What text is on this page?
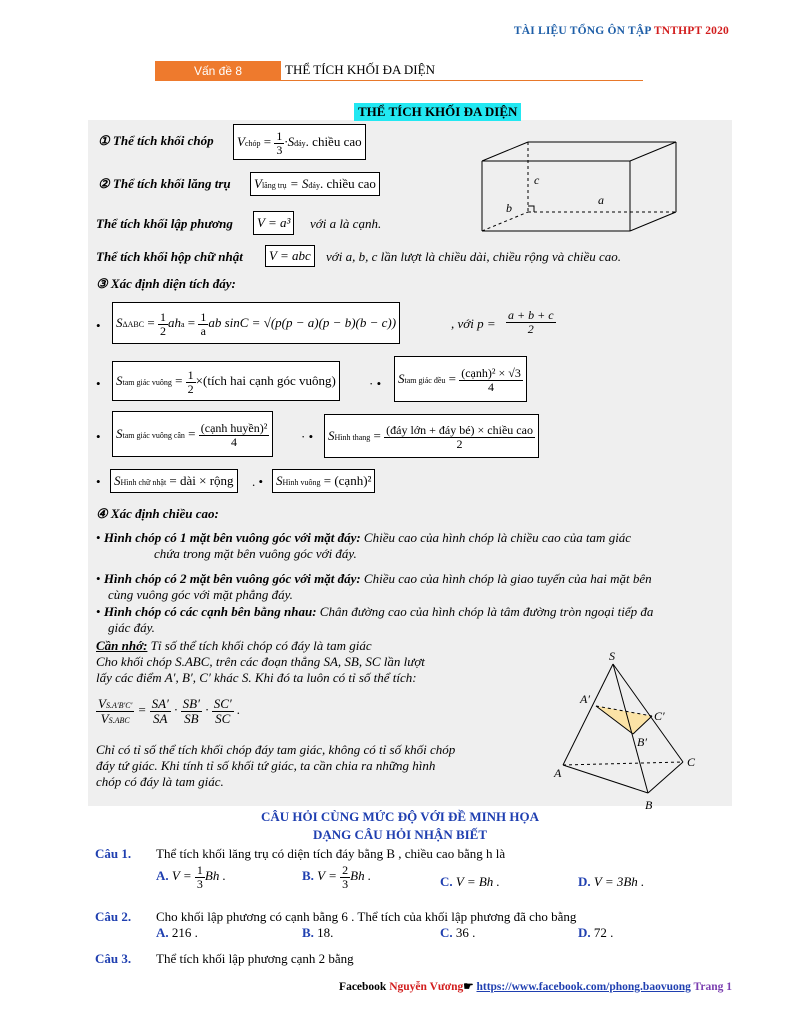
TÀI LIỆU TỔNG ÔN TẬP TNTHPT 2020
Vấn đề 8	THỂ TÍCH KHỐI ĐA DIỆN
THỂ TÍCH KHỐI ĐA DIỆN
① Thể tích khối chóp	Vchóp = $\frac{1}{3}$ ·Sđáy. chiều cao
② Thể tích khối lăng trụ	Vlăng trụ = Sđáy. chiều cao
Thể tích khối lập phương	V = a³	với a là cạnh.
Thể tích khối hộp chữ nhật	V = abc	với a, b, c lần lượt là chiều dài, chiều rộng và chiều cao.
c
a
b
③ Xác định diện tích đáy:
•	$S\Delta ABC = \frac{1}{2}$ aha = $\frac{1}{a}$ ab sinC = √(p(p − a)(p − b)(b − c))	, với $p = \frac{a + b + c}{2}$
•	Stam giác vuông = $\frac{1}{2}$ ×(tích hai cạnh góc vuông)	· •	Stam giác đều = $\frac{\text{(cạnh)² × √3}}{4}$
•	Stam giác vuông cân = $\frac{\text{(cạnh huyền)²}}{4}$ · •	SHình thang = $\frac{\text{(đáy lớn + đáy bé) × chiều cao}}{2}$
•	SHình chữ nhật = dài × rộng	. • SHình vuông = (cạnh)²
④ Xác định chiều cao:
• Hình chóp có 1 mặt bên vuông góc với mặt đáy: Chiều cao của hình chóp là chiều cao của tam giác
chứa trong mặt bên vuông góc với đáy.
• Hình chóp có 2 mặt bên vuông góc với mặt đáy: Chiều cao của hình chóp là giao tuyến của hai mặt bên
cùng vuông góc với mặt phẳng đáy.
• Hình chóp có các cạnh bên bằng nhau: Chân đường cao của hình chóp là tâm đường tròn ngoại tiếp đa
giác đáy.
Cần nhớ: Tỉ số thể tích khối chóp có đáy là tam giác
Cho khối chóp S.ABC, trên các đoạn thẳng SA, SB, SC lần lượt
lấy các điểm A′, B′, C′ khác S. Khi đó ta luôn có tỉ số thể tích:
$\frac{VS.A'B'C'}{\text{VS.ABC}} = \frac{SA'}{SA} \cdot \frac{SB'}{SB} \cdot \frac{SC'}{SC}$ .
Chỉ có tỉ số thể tích khối chóp đáy tam giác, không có tỉ số khối chóp
đáy tứ giác. Khi tính tỉ số khối tứ giác, ta cần chia ra những hình
chóp có đáy là tam giác.
S
A
B
C
A′
B′
C′
CÂU HỎI CÙNG MỨC ĐỘ VỚI ĐỀ MINH HỌA
DẠNG CÂU HỎI NHẬN BIẾT
Câu 1. Thể tích khối lăng trụ có diện tích đáy bằng B , chiều cao bằng h là
A. $V = \frac{1}{3}$ Bh .	B. $V = \frac{2}{3}$ Bh .	C. V = Bh .	D. V = 3Bh .
Câu 2. Cho khối lập phương có cạnh bằng 6 . Thể tích của khối lập phương đã cho bằng
A. 216 .	B. 18.	C. 36 .	D. 72 .
Câu 3. Thể tích khối lập phương cạnh 2 bằng
Facebook Nguyễn Vương☛ https://www.facebook.com/phong.baovuong Trang 1
